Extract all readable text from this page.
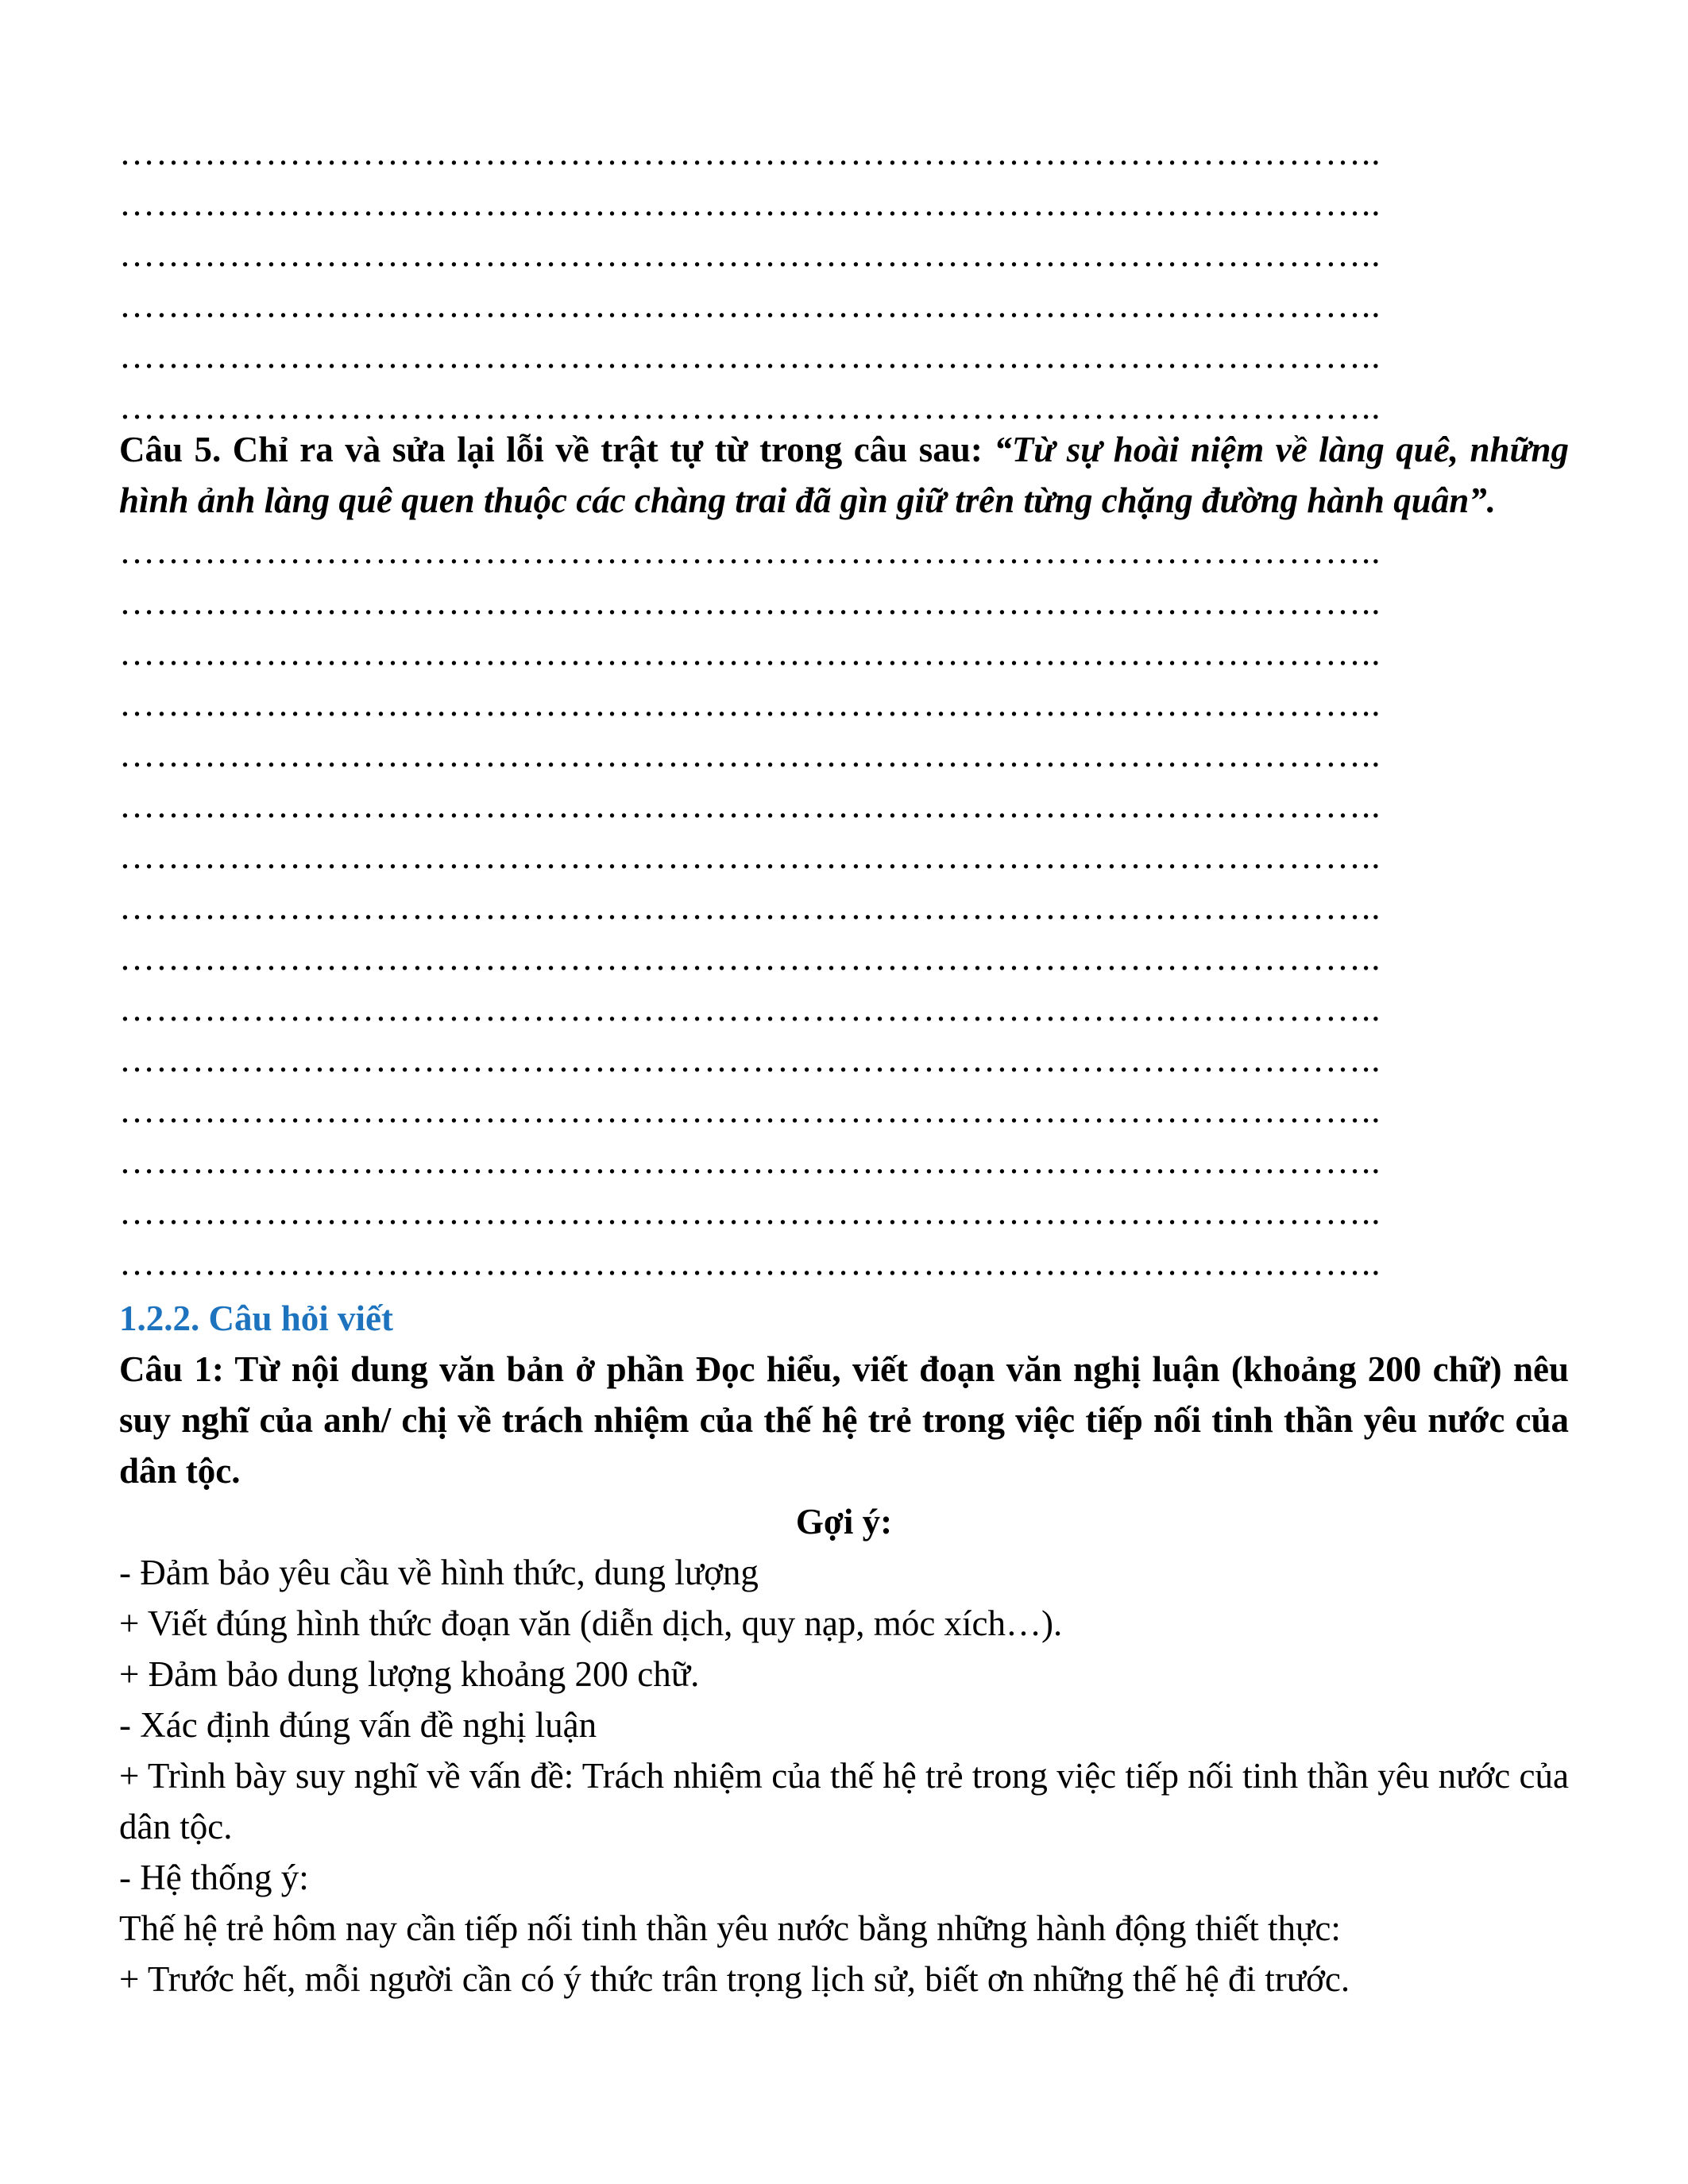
…………………………………………………………………………………………..
…………………………………………………………………………………………..
…………………………………………………………………………………………..
…………………………………………………………………………………………..
…………………………………………………………………………………………..
…………………………………………………………………………………………..
Câu 5. Chỉ ra và sửa lại lỗi về trật tự từ trong câu sau: “Từ sự hoài niệm về làng quê, những hình ảnh làng quê quen thuộc các chàng trai đã gìn giữ trên từng chặng đường hành quân”.
…………………………………………………………………………………………..
…………………………………………………………………………………………..
…………………………………………………………………………………………..
…………………………………………………………………………………………..
…………………………………………………………………………………………..
…………………………………………………………………………………………..
…………………………………………………………………………………………..
…………………………………………………………………………………………..
…………………………………………………………………………………………..
…………………………………………………………………………………………..
…………………………………………………………………………………………..
…………………………………………………………………………………………..
…………………………………………………………………………………………..
…………………………………………………………………………………………..
…………………………………………………………………………………………..
1.2.2. Câu hỏi viết
Câu 1: Từ nội dung văn bản ở phần Đọc hiểu, viết đoạn văn nghị luận (khoảng 200 chữ) nêu suy nghĩ của anh/ chị về trách nhiệm của thế hệ trẻ trong việc tiếp nối tinh thần yêu nước của dân tộc.
Gợi ý:
- Đảm bảo yêu cầu về hình thức, dung lượng
+ Viết đúng hình thức đoạn văn (diễn dịch, quy nạp, móc xích…).
+ Đảm bảo dung lượng khoảng 200 chữ.
- Xác định đúng vấn đề nghị luận
+ Trình bày suy nghĩ về vấn đề: Trách nhiệm của thế hệ trẻ trong việc tiếp nối tinh thần yêu nước của dân tộc.
- Hệ thống ý:
Thế hệ trẻ hôm nay cần tiếp nối tinh thần yêu nước bằng những hành động thiết thực:
+ Trước hết, mỗi người cần có ý thức trân trọng lịch sử, biết ơn những thế hệ đi trước.
